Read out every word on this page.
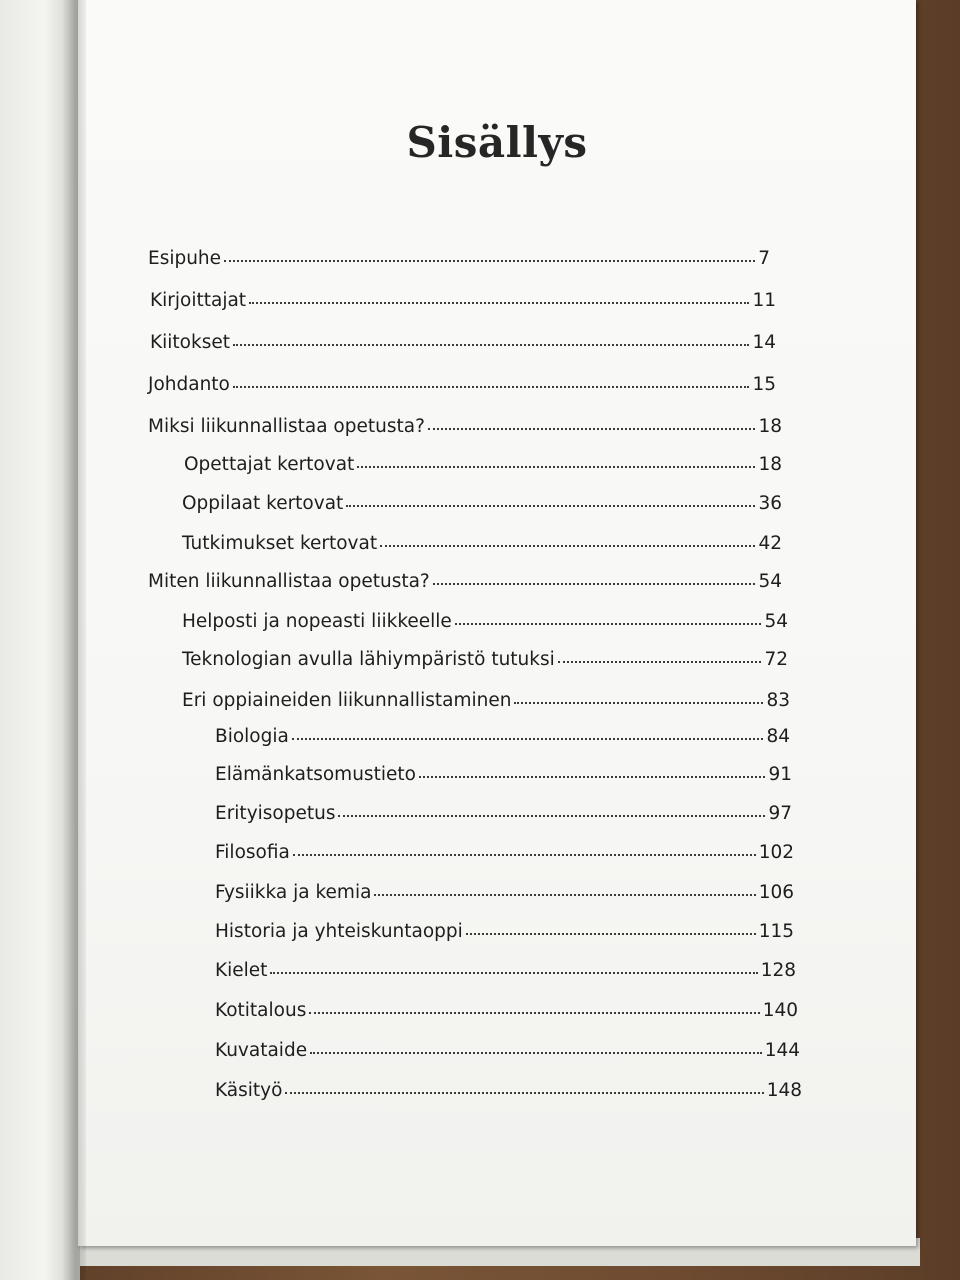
Sisällys
Esipuhe	7
Kirjoittajat	11
Kiitokset	14
Johdanto	15
Miksi liikunnallistaa opetusta?	18
Opettajat kertovat	18
Oppilaat kertovat	36
Tutkimukset kertovat	42
Miten liikunnallistaa opetusta?	54
Helposti ja nopeasti liikkeelle	54
Teknologian avulla lähiympäristö tutuksi	72
Eri oppiaineiden liikunnallistaminen	83
Biologia	84
Elämänkatsomustieto	91
Erityisopetus	97
Filosofia	102
Fysiikka ja kemia	106
Historia ja yhteiskuntaoppi	115
Kielet	128
Kotitalous	140
Kuvataide	144
Käsityö	148
